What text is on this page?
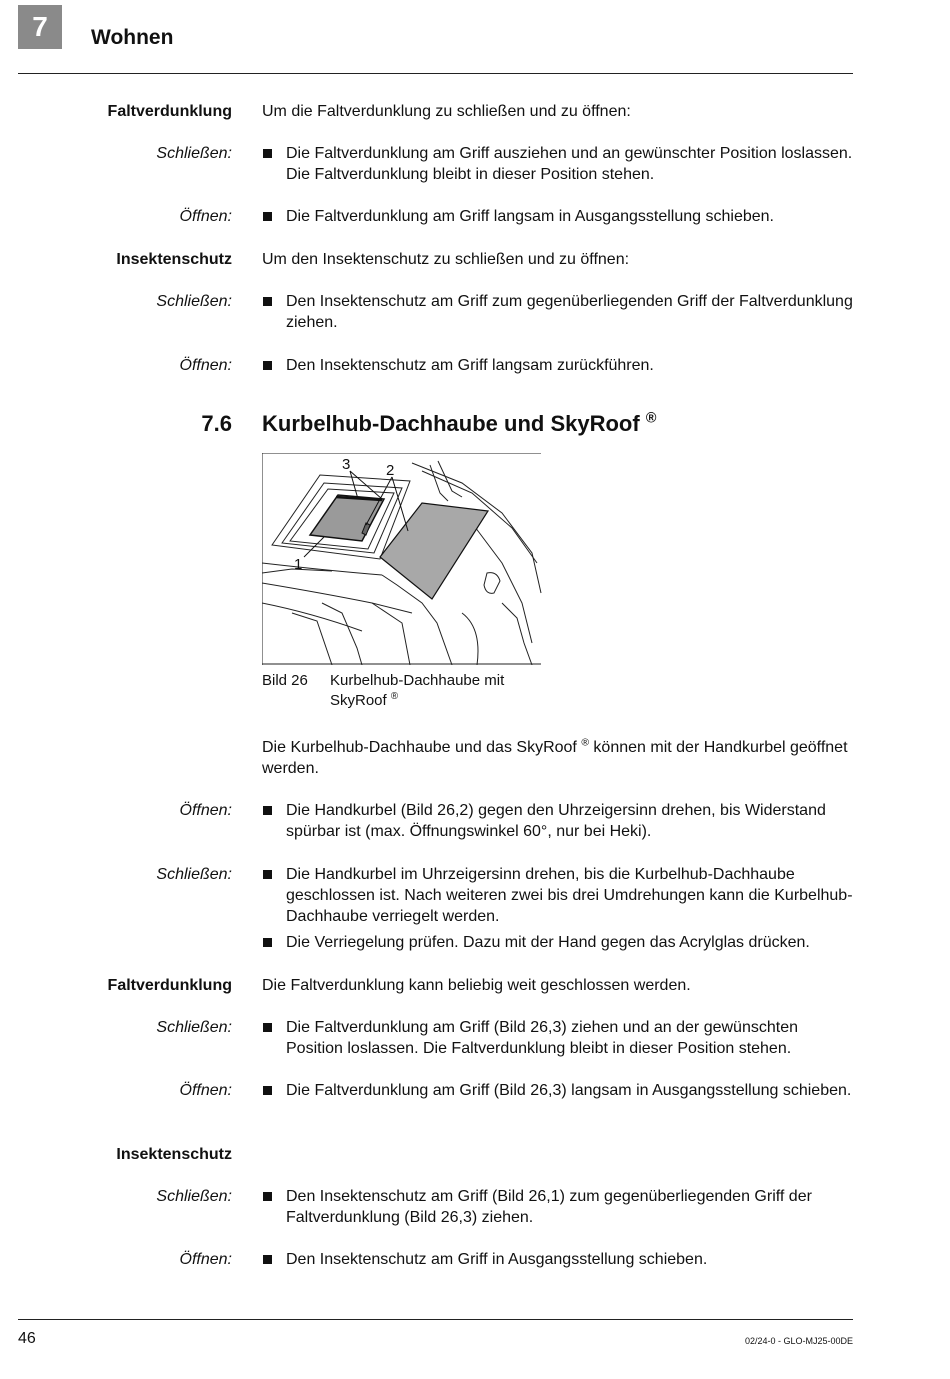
7	Wohnen
Faltverdunklung Um die Faltverdunklung zu schließen und zu öffnen:
Schließen:	Die Faltverdunklung am Griff ausziehen und an gewünschter Position loslassen. Die Faltverdunklung bleibt in dieser Position stehen.
Öffnen:	Die Faltverdunklung am Griff langsam in Ausgangsstellung schieben.
Insektenschutz Um den Insektenschutz zu schließen und zu öffnen:
Schließen:	Den Insektenschutz am Griff zum gegenüberliegenden Griff der Faltverdunklung ziehen.
Öffnen:	Den Insektenschutz am Griff langsam zurückführen.
7.6 Kurbelhub-Dachhaube und SkyRoof ®
3 2
1
Bild 26 Kurbelhub-Dachhaube mit SkyRoof ®
Die Kurbelhub-Dachhaube und das SkyRoof ® können mit der Handkurbel geöffnet werden.
Öffnen:	Die Handkurbel (Bild 26,2) gegen den Uhrzeigersinn drehen, bis Widerstand spürbar ist (max. Öffnungswinkel 60°, nur bei Heki).
Schließen:	Die Handkurbel im Uhrzeigersinn drehen, bis die Kurbelhub-Dachhaube geschlossen ist. Nach weiteren zwei bis drei Umdrehungen kann die Kurbelhub-Dachhaube verriegelt werden.
Die Verriegelung prüfen. Dazu mit der Hand gegen das Acrylglas drücken.
Faltverdunklung Die Faltverdunklung kann beliebig weit geschlossen werden.
Schließen:	Die Faltverdunklung am Griff (Bild 26,3) ziehen und an der gewünschten Position loslassen. Die Faltverdunklung bleibt in dieser Position stehen.
Öffnen:	Die Faltverdunklung am Griff (Bild 26,3) langsam in Ausgangsstellung schieben.
Insektenschutz
Schließen:	Den Insektenschutz am Griff (Bild 26,1) zum gegenüberliegenden Griff der Faltverdunklung (Bild 26,3) ziehen.
Öffnen:	Den Insektenschutz am Griff in Ausgangsstellung schieben.
46	02/24-0 - GLO-MJ25-00DE
